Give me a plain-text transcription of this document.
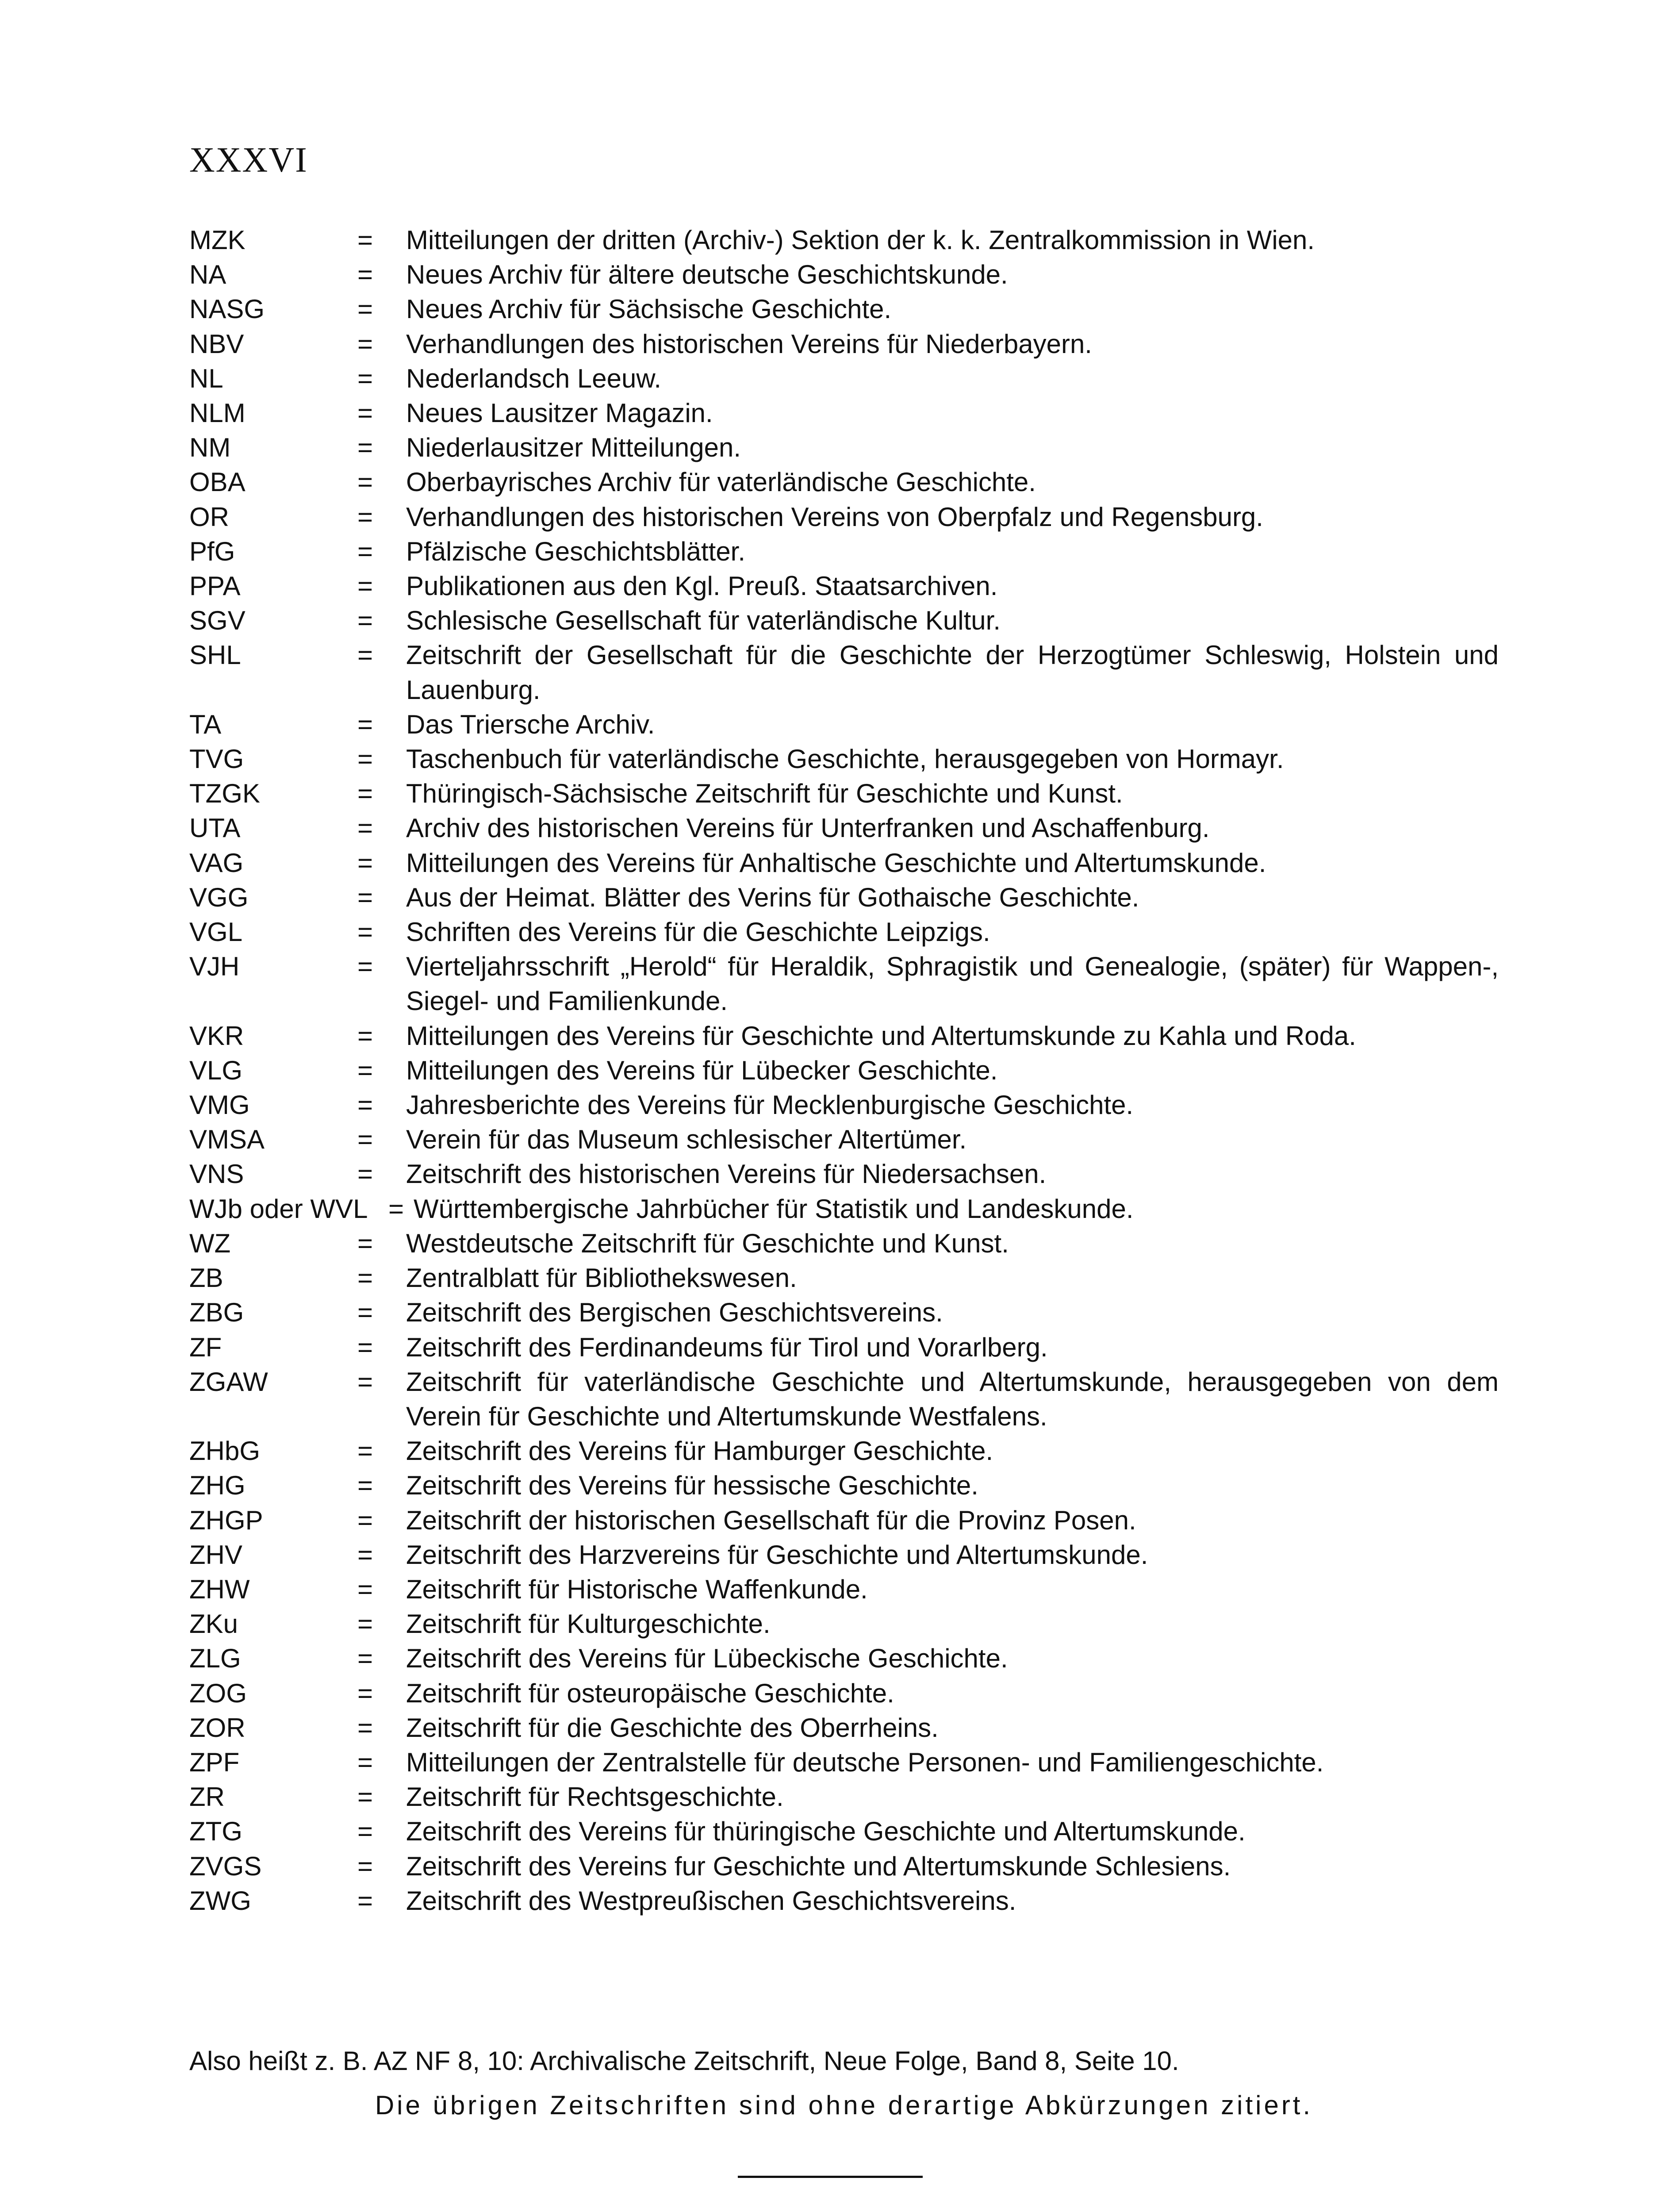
XXXVI
MZK	=	Mitteilungen der dritten (Archiv-) Sektion der k. k. Zentralkommission in Wien.
NA	=	Neues Archiv für ältere deutsche Geschichtskunde.
NASG	=	Neues Archiv für Sächsische Geschichte.
NBV	=	Verhandlungen des historischen Vereins für Niederbayern.
NL	=	Nederlandsch Leeuw.
NLM	=	Neues Lausitzer Magazin.
NM	=	Niederlausitzer Mitteilungen.
OBA	=	Oberbayrisches Archiv für vaterländische Geschichte.
OR	=	Verhandlungen des historischen Vereins von Oberpfalz und Regensburg.
PfG	=	Pfälzische Geschichtsblätter.
PPA	=	Publikationen aus den Kgl. Preuß. Staatsarchiven.
SGV	=	Schlesische Gesellschaft für vaterländische Kultur.
SHL	=	Zeitschrift der Gesellschaft für die Geschichte der Herzogtümer Schleswig, Holstein und Lauenburg.
TA	=	Das Triersche Archiv.
TVG	=	Taschenbuch für vaterländische Geschichte, herausgegeben von Hormayr.
TZGK	=	Thüringisch-Sächsische Zeitschrift für Geschichte und Kunst.
UTA	=	Archiv des historischen Vereins für Unterfranken und Aschaffenburg.
VAG	=	Mitteilungen des Vereins für Anhaltische Geschichte und Altertumskunde.
VGG	=	Aus der Heimat. Blätter des Verins für Gothaische Geschichte.
VGL	=	Schriften des Vereins für die Geschichte Leipzigs.
VJH	=	Vierteljahrsschrift „Herold“ für Heraldik, Sphragistik und Genealogie, (später) für Wappen-, Siegel- und Familienkunde.
VKR	=	Mitteilungen des Vereins für Geschichte und Altertumskunde zu Kahla und Roda.
VLG	=	Mitteilungen des Vereins für Lübecker Geschichte.
VMG	=	Jahresberichte des Vereins für Mecklenburgische Geschichte.
VMSA	=	Verein für das Museum schlesischer Altertümer.
VNS	=	Zeitschrift des historischen Vereins für Niedersachsen.
WJb oder WVL = Württembergische Jahrbücher für Statistik und Landeskunde.
WZ	=	Westdeutsche Zeitschrift für Geschichte und Kunst.
ZB	=	Zentralblatt für Bibliothekswesen.
ZBG	=	Zeitschrift des Bergischen Geschichtsvereins.
ZF	=	Zeitschrift des Ferdinandeums für Tirol und Vorarlberg.
ZGAW	=	Zeitschrift für vaterländische Geschichte und Altertumskunde, herausgegeben von dem Verein für Geschichte und Altertumskunde Westfalens.
ZHbG	=	Zeitschrift des Vereins für Hamburger Geschichte.
ZHG	=	Zeitschrift des Vereins für hessische Geschichte.
ZHGP	=	Zeitschrift der historischen Gesellschaft für die Provinz Posen.
ZHV	=	Zeitschrift des Harzvereins für Geschichte und Altertumskunde.
ZHW	=	Zeitschrift für Historische Waffenkunde.
ZKu	=	Zeitschrift für Kulturgeschichte.
ZLG	=	Zeitschrift des Vereins für Lübeckische Geschichte.
ZOG	=	Zeitschrift für osteuropäische Geschichte.
ZOR	=	Zeitschrift für die Geschichte des Oberrheins.
ZPF	=	Mitteilungen der Zentralstelle für deutsche Personen- und Familiengeschichte.
ZR	=	Zeitschrift für Rechtsgeschichte.
ZTG	=	Zeitschrift des Vereins für thüringische Geschichte und Altertumskunde.
ZVGS	=	Zeitschrift des Vereins fur Geschichte und Altertumskunde Schlesiens.
ZWG	=	Zeitschrift des Westpreußischen Geschichtsvereins.
Also heißt z. B. AZ NF 8, 10: Archivalische Zeitschrift, Neue Folge, Band 8, Seite 10.
Die übrigen Zeitschriften sind ohne derartige Abkürzungen zitiert.
